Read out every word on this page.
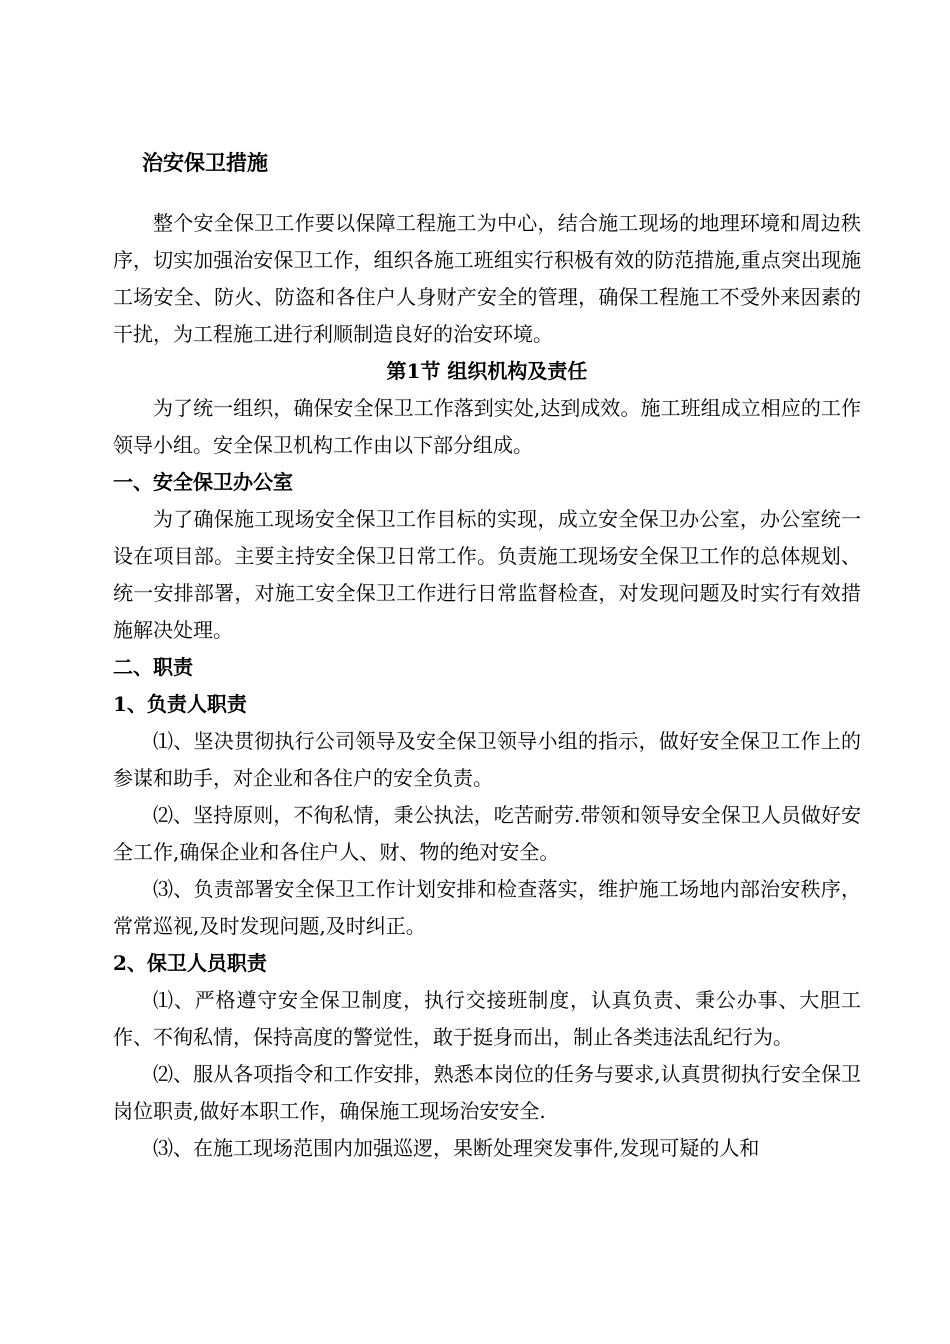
治安保卫措施

整个安全保卫工作要以保障工程施工为中心，结合施工现场的地理环境和周边秩序，切实加强治安保卫工作，组织各施工班组实行积极有效的防范措施,重点突出现施工场安全、防火、防盗和各住户人身财产安全的管理，确保工程施工不受外来因素的干扰，为工程施工进行利顺制造良好的治安环境。

第1节 组织机构及责任

为了统一组织，确保安全保卫工作落到实处,达到成效。施工班组成立相应的工作领导小组。安全保卫机构工作由以下部分组成。

一、安全保卫办公室

为了确保施工现场安全保卫工作目标的实现，成立安全保卫办公室，办公室统一设在项目部。主要主持安全保卫日常工作。负责施工现场安全保卫工作的总体规划、统一安排部署，对施工安全保卫工作进行日常监督检查，对发现问题及时实行有效措施解决处理。

二、职责

1、负责人职责

⑴、坚决贯彻执行公司领导及安全保卫领导小组的指示，做好安全保卫工作上的参谋和助手，对企业和各住户的安全负责。

⑵、坚持原则，不徇私情，秉公执法，吃苦耐劳.带领和领导安全保卫人员做好安全工作,确保企业和各住户人、财、物的绝对安全。

⑶、负责部署安全保卫工作计划安排和检查落实，维护施工场地内部治安秩序，常常巡视,及时发现问题,及时纠正。

2、保卫人员职责

⑴、严格遵守安全保卫制度，执行交接班制度，认真负责、秉公办事、大胆工作、不徇私情，保持高度的警觉性，敢于挺身而出，制止各类违法乱纪行为。

⑵、服从各项指令和工作安排，熟悉本岗位的任务与要求,认真贯彻执行安全保卫岗位职责,做好本职工作，确保施工现场治安安全.

⑶、在施工现场范围内加强巡逻，果断处理突发事件,发现可疑的人和
